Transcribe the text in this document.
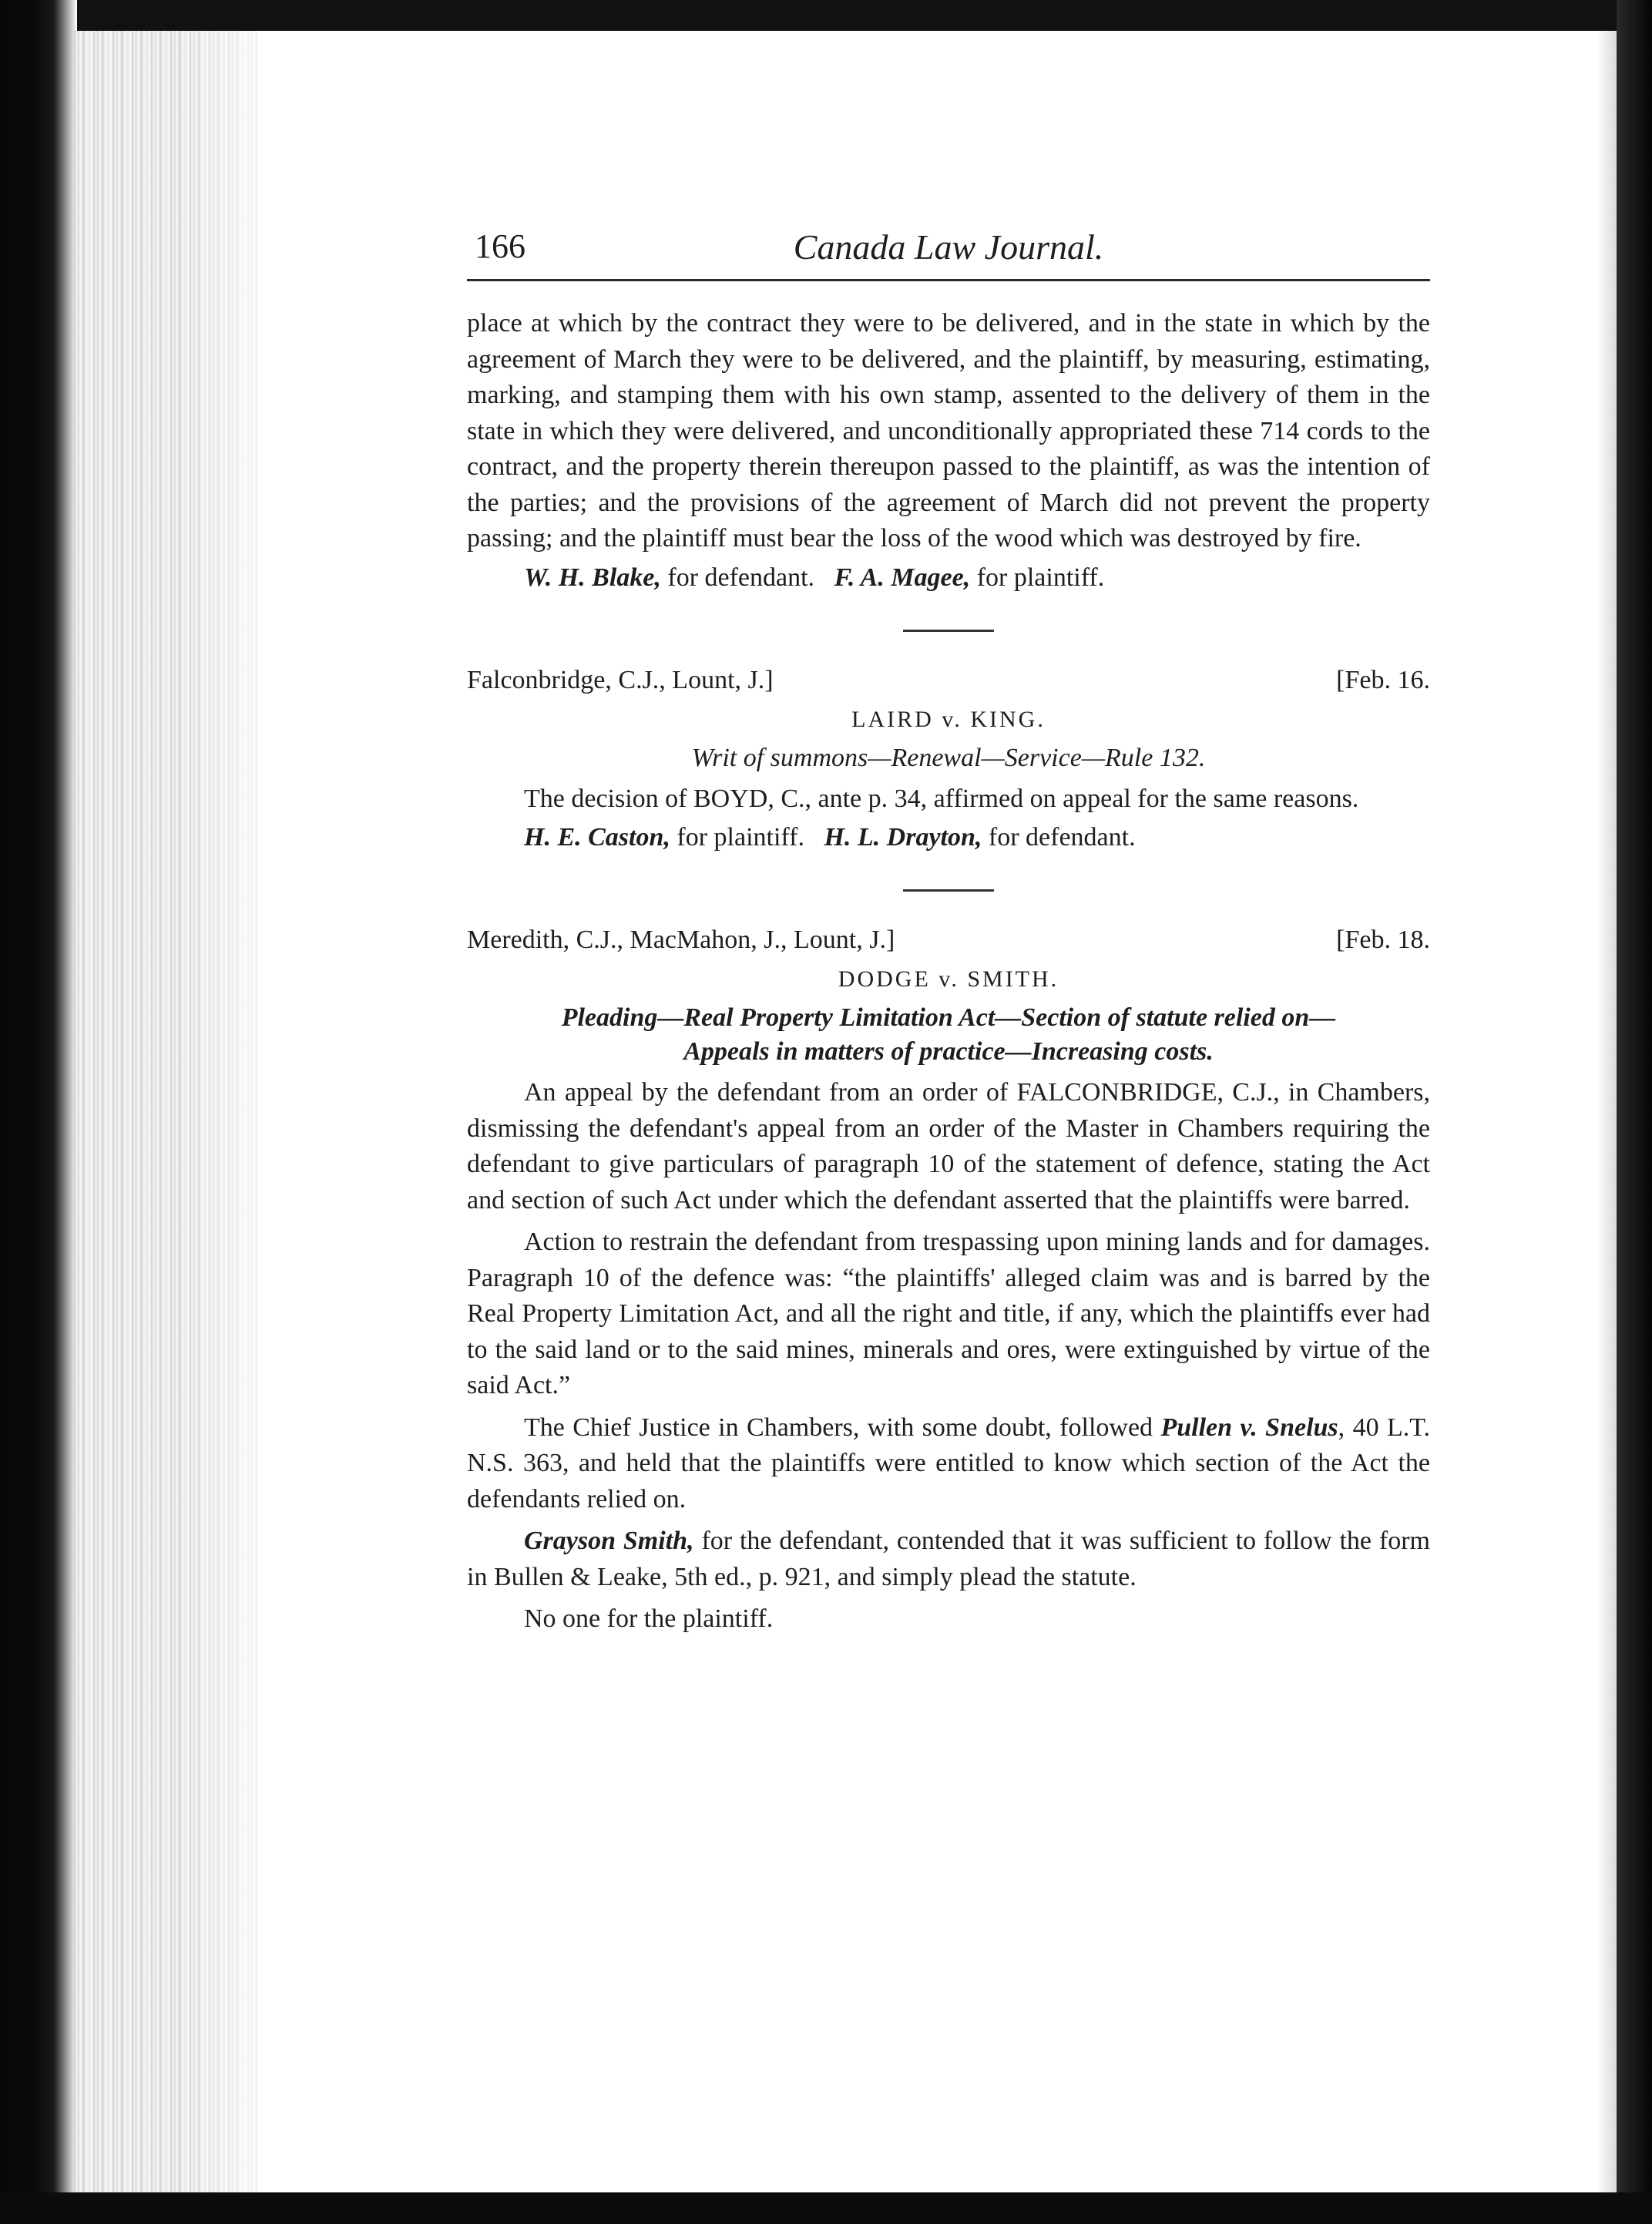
166	Canada Law Journal.

place at which by the contract they were to be delivered, and in the state in which by the agreement of March they were to be delivered, and the plaintiff, by measuring, estimating, marking, and stamping them with his own stamp, assented to the delivery of them in the state in which they were delivered, and unconditionally appropriated these 714 cords to the contract, and the property therein thereupon passed to the plaintiff, as was the intention of the parties; and the provisions of the agreement of March did not prevent the property passing; and the plaintiff must bear the loss of the wood which was destroyed by fire.

W. H. Blake, for defendant. F. A. Magee, for plaintiff.
Falconbridge, C.J., Lount, J.]	[Feb. 16.
LAIRD v. KING.
Writ of summons—Renewal—Service—Rule 132.

The decision of BOYD, C., ante p. 34, affirmed on appeal for the same reasons.

H. E. Caston, for plaintiff. H. L. Drayton, for defendant.
Meredith, C.J., MacMahon, J., Lount, J.]	[Feb. 18.
DODGE v. SMITH.
Pleading—Real Property Limitation Act—Section of statute relied on—
Appeals in matters of practice—Increasing costs.

An appeal by the defendant from an order of FALCONBRIDGE, C.J., in Chambers, dismissing the defendant's appeal from an order of the Master in Chambers requiring the defendant to give particulars of paragraph 10 of the statement of defence, stating the Act and section of such Act under which the defendant asserted that the plaintiffs were barred.

Action to restrain the defendant from trespassing upon mining lands and for damages. Paragraph 10 of the defence was: “the plaintiffs' alleged claim was and is barred by the Real Property Limitation Act, and all the right and title, if any, which the plaintiffs ever had to the said land or to the said mines, minerals and ores, were extinguished by virtue of the said Act.”

The Chief Justice in Chambers, with some doubt, followed Pullen v. Snelus, 40 L.T. N.S. 363, and held that the plaintiffs were entitled to know which section of the Act the defendants relied on.

Grayson Smith, for the defendant, contended that it was sufficient to follow the form in Bullen & Leake, 5th ed., p. 921, and simply plead the statute.

No one for the plaintiff.
